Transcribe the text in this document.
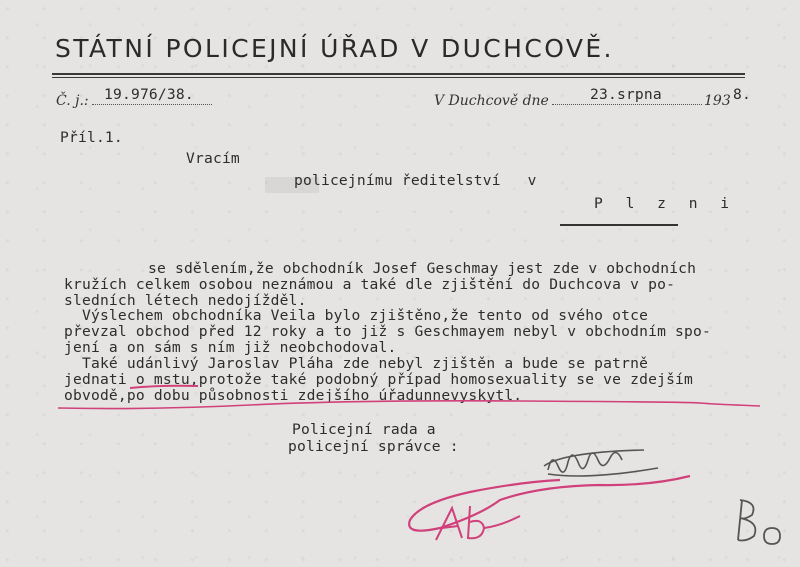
STÁTNÍ POLICEJNÍ ÚŘAD V DUCHCOVĚ.
Č. j.: 19.976/38.	V Duchcově dne	23.srpna	193 8.

Příl.1.
Vracím
policejnímu ředitelství   v
P l z n i
se sdělením,že obchodník Josef Geschmay jest zde v obchodních
kružích celkem osobou neznámou a také dle zjištění do Duchcova v po-
sledních létech nedojížděl.
Výslechem obchodníka Veila bylo zjištěno,že tento od svého otce
převzal obchod před 12 roky a to již s Geschmayem nebyl v obchodním spo-
jení a on sám s ním již neobchodoval.
Také udánlivý Jaroslav Pláha zde nebyl zjištěn a bude se patrně
jednati o mstu,protože také podobný případ homosexuality se ve zdejším
obvodě,po dobu působnosti zdejšího úřadunnevyskytl.
Policejní rada a
policejní správce :
